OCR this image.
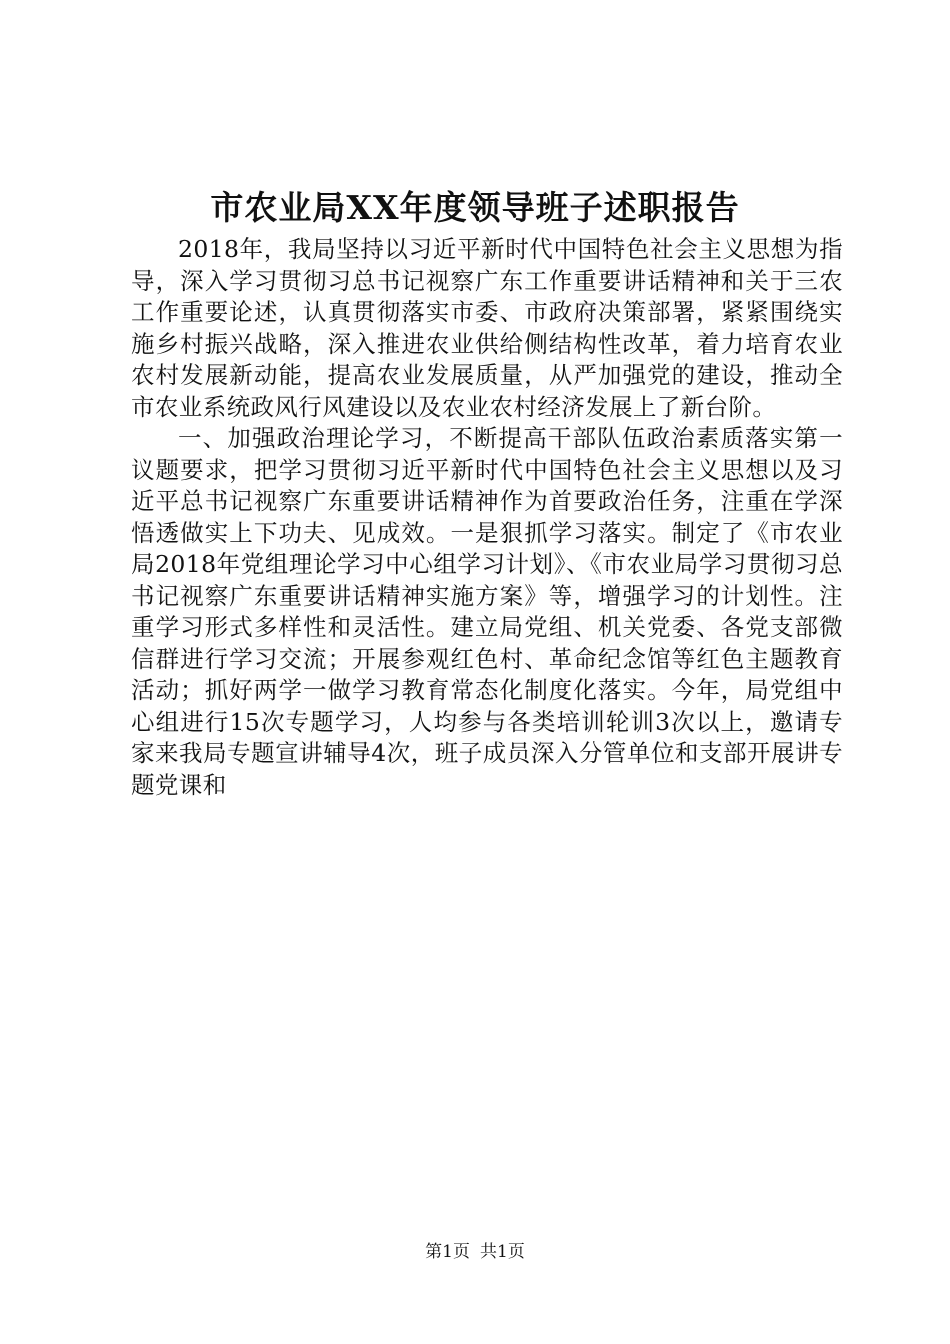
市农业局XX年度领导班子述职报告

2018年，我局坚持以习近平新时代中国特色社会主义思想为指导，深入学习贯彻习总书记视察广东工作重要讲话精神和关于三农工作重要论述，认真贯彻落实市委、市政府决策部署，紧紧围绕实施乡村振兴战略，深入推进农业供给侧结构性改革，着力培育农业农村发展新动能，提高农业发展质量，从严加强党的建设，推动全市农业系统政风行风建设以及农业农村经济发展上了新台阶。

一、加强政治理论学习，不断提高干部队伍政治素质落实第一议题要求，把学习贯彻习近平新时代中国特色社会主义思想以及习近平总书记视察广东重要讲话精神作为首要政治任务，注重在学深悟透做实上下功夫、见成效。一是狠抓学习落实。制定了《市农业局2018年党组理论学习中心组学习计划》、《市农业局学习贯彻习总书记视察广东重要讲话精神实施方案》等，增强学习的计划性。注重学习形式多样性和灵活性。建立局党组、机关党委、各党支部微信群进行学习交流；开展参观红色村、革命纪念馆等红色主题教育活动；抓好两学一做学习教育常态化制度化落实。今年，局党组中心组进行15次专题学习，人均参与各类培训轮训3次以上，邀请专家来我局专题宣讲辅导4次，班子成员深入分管单位和支部开展讲专题党课和

第1页 共1页
